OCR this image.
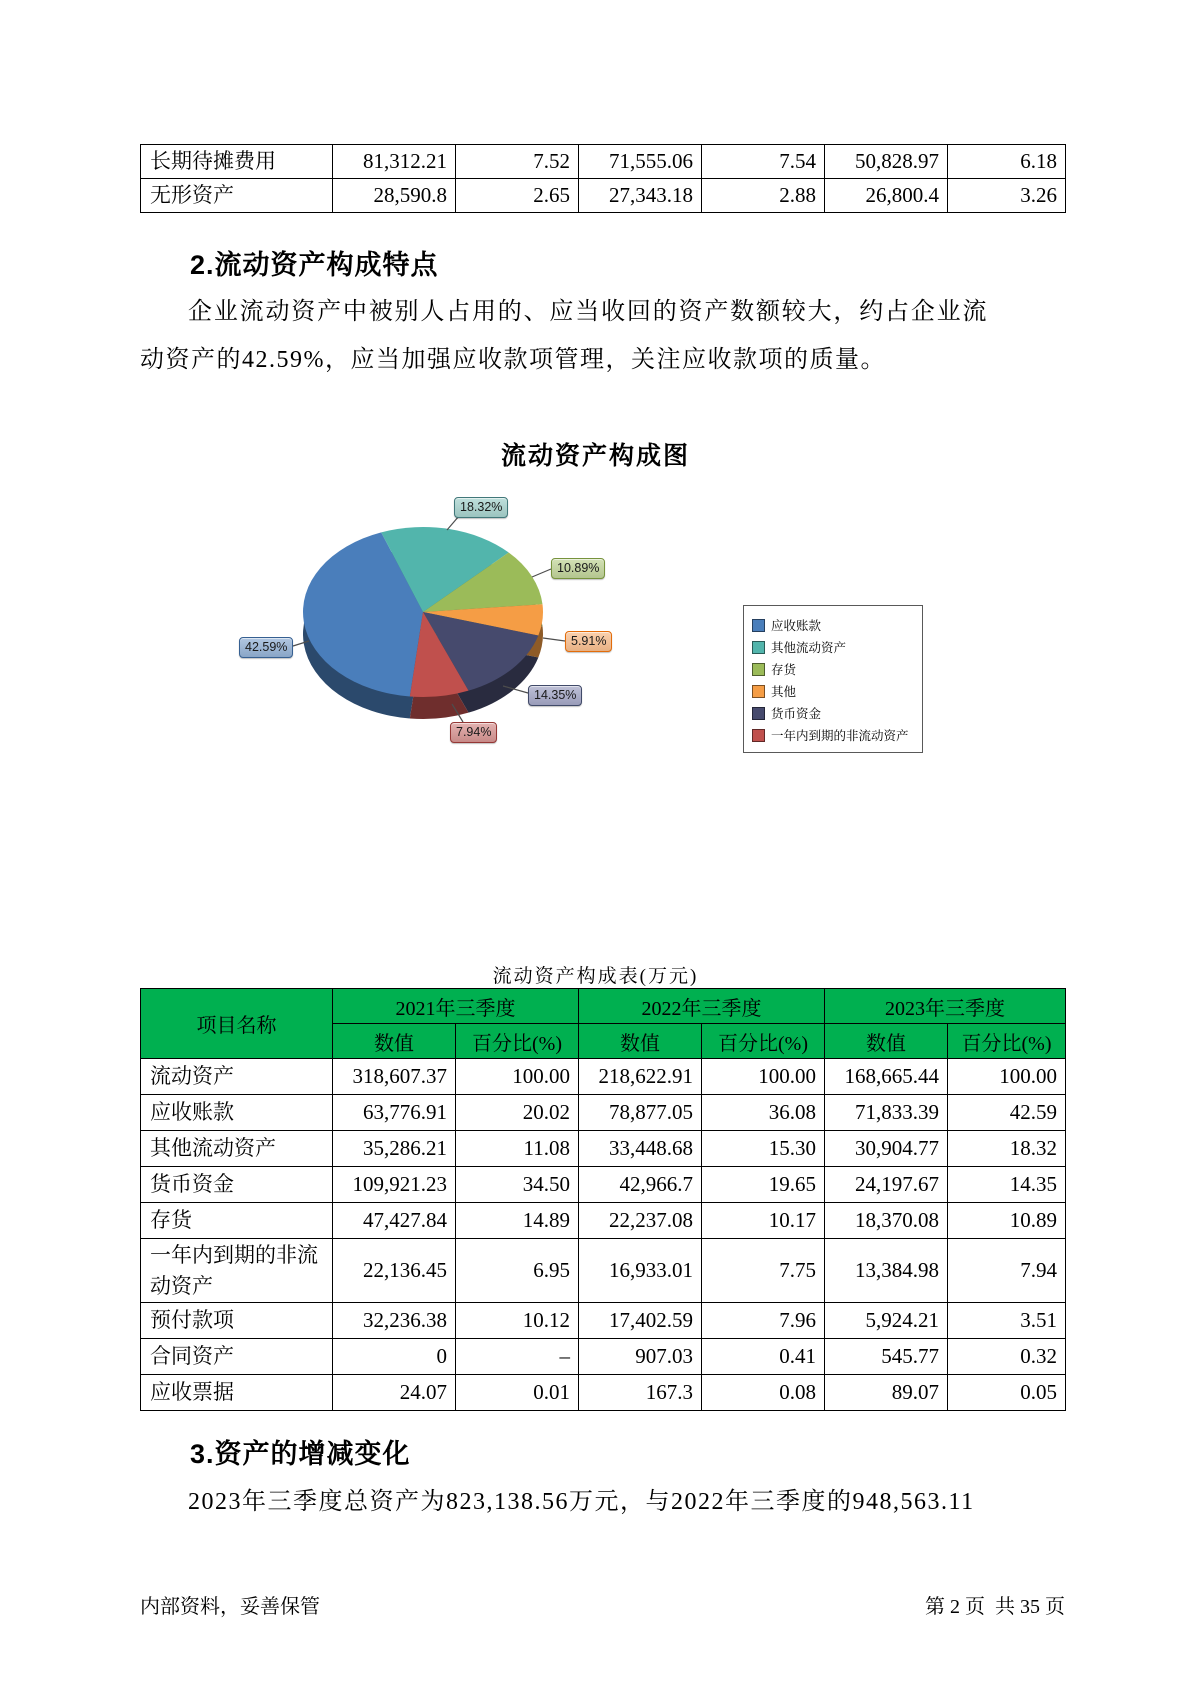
长期待摊费用	81,312.21	7.52	71,555.06	7.54	50,828.97	6.18
无形资产	28,590.8	2.65	27,343.18	2.88	26,800.4	3.26
2.流动资产构成特点
企业流动资产中被别人占用的、应当收回的资产数额较大，约占企业流动资产的42.59%，应当加强应收款项管理，关注应收款项的质量。
流动资产构成图
42.59%
18.32%
10.89%
5.91%
14.35%
7.94%
应收账款
其他流动资产
存货
其他
货币资金
一年内到期的非流动资产
流动资产构成表(万元)
项目名称	2021年三季度		2022年三季度		2023年三季度	
	数值	百分比(%)	数值	百分比(%)	数值	百分比(%)
流动资产	318,607.37	100.00	218,622.91	100.00	168,665.44	100.00
应收账款	63,776.91	20.02	78,877.05	36.08	71,833.39	42.59
其他流动资产	35,286.21	11.08	33,448.68	15.30	30,904.77	18.32
货币资金	109,921.23	34.50	42,966.7	19.65	24,197.67	14.35
存货	47,427.84	14.89	22,237.08	10.17	18,370.08	10.89
一年内到期的非流动资产	22,136.45	6.95	16,933.01	7.75	13,384.98	7.94
预付款项	32,236.38	10.12	17,402.59	7.96	5,924.21	3.51
合同资产	0	–	907.03	0.41	545.77	0.32
应收票据	24.07	0.01	167.3	0.08	89.07	0.05
3.资产的增减变化
2023年三季度总资产为823,138.56万元，与2022年三季度的948,563.11
内部资料，妥善保管	第 2 页  共 35 页
